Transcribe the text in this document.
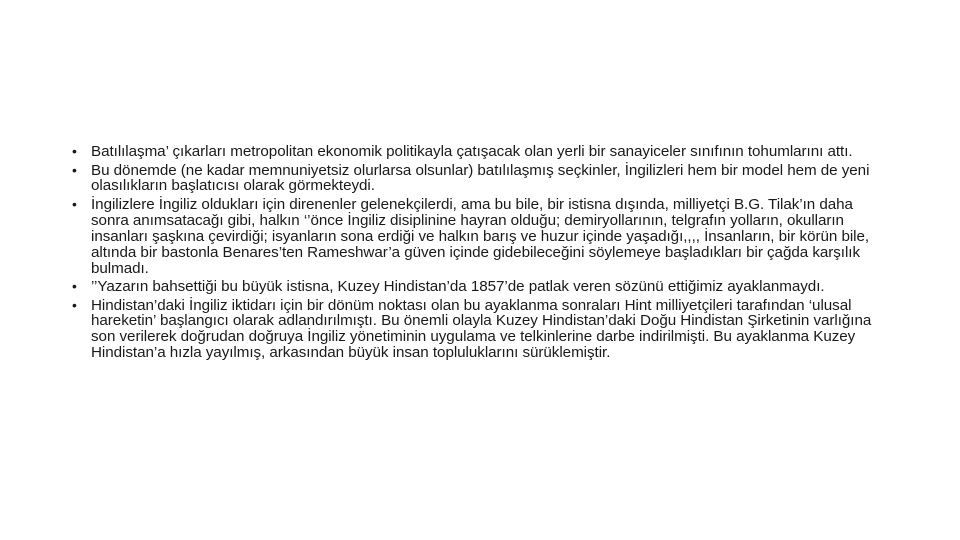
• Batılılaşma’ çıkarları metropolitan ekonomik politikayla çatışacak olan yerli bir sanayiceler sınıfının tohumlarını attı.
• Bu dönemde (ne kadar memnuniyetsiz olurlarsa olsunlar) batılılaşmış seçkinler, İngilizleri hem bir model hem de yeni olasılıkların başlatıcısı olarak görmekteydi.
• İngilizlere İngiliz oldukları için direnenler gelenekçilerdi, ama bu bile, bir istisna dışında, milliyetçi B.G. Tilak’ın daha sonra anımsatacağı gibi, halkın ‘’önce İngiliz disiplinine hayran olduğu; demiryollarının, telgrafın yolların, okulların insanları şaşkına çevirdiği; isyanların sona erdiği ve halkın barış ve huzur içinde yaşadığı,,,, İnsanların, bir körün bile, altında bir bastonla Benares’ten Rameshwar’a güven içinde gidebileceğini söylemeye başladıkları bir çağda karşılık bulmadı.
• ’’Yazarın bahsettiği bu büyük istisna, Kuzey Hindistan’da 1857’de patlak veren sözünü ettiğimiz ayaklanmaydı.
• Hindistan’daki İngiliz iktidarı için bir dönüm noktası olan bu ayaklanma sonraları Hint milliyetçileri tarafından ‘ulusal hareketin’ başlangıcı olarak adlandırılmıştı. Bu önemli olayla Kuzey Hindistan’daki Doğu Hindistan Şirketinin varlığına son verilerek doğrudan doğruya İngiliz yönetiminin uygulama ve telkinlerine darbe indirilmişti. Bu ayaklanma Kuzey Hindistan’a hızla yayılmış, arkasından büyük insan topluluklarını sürüklemiştir.
